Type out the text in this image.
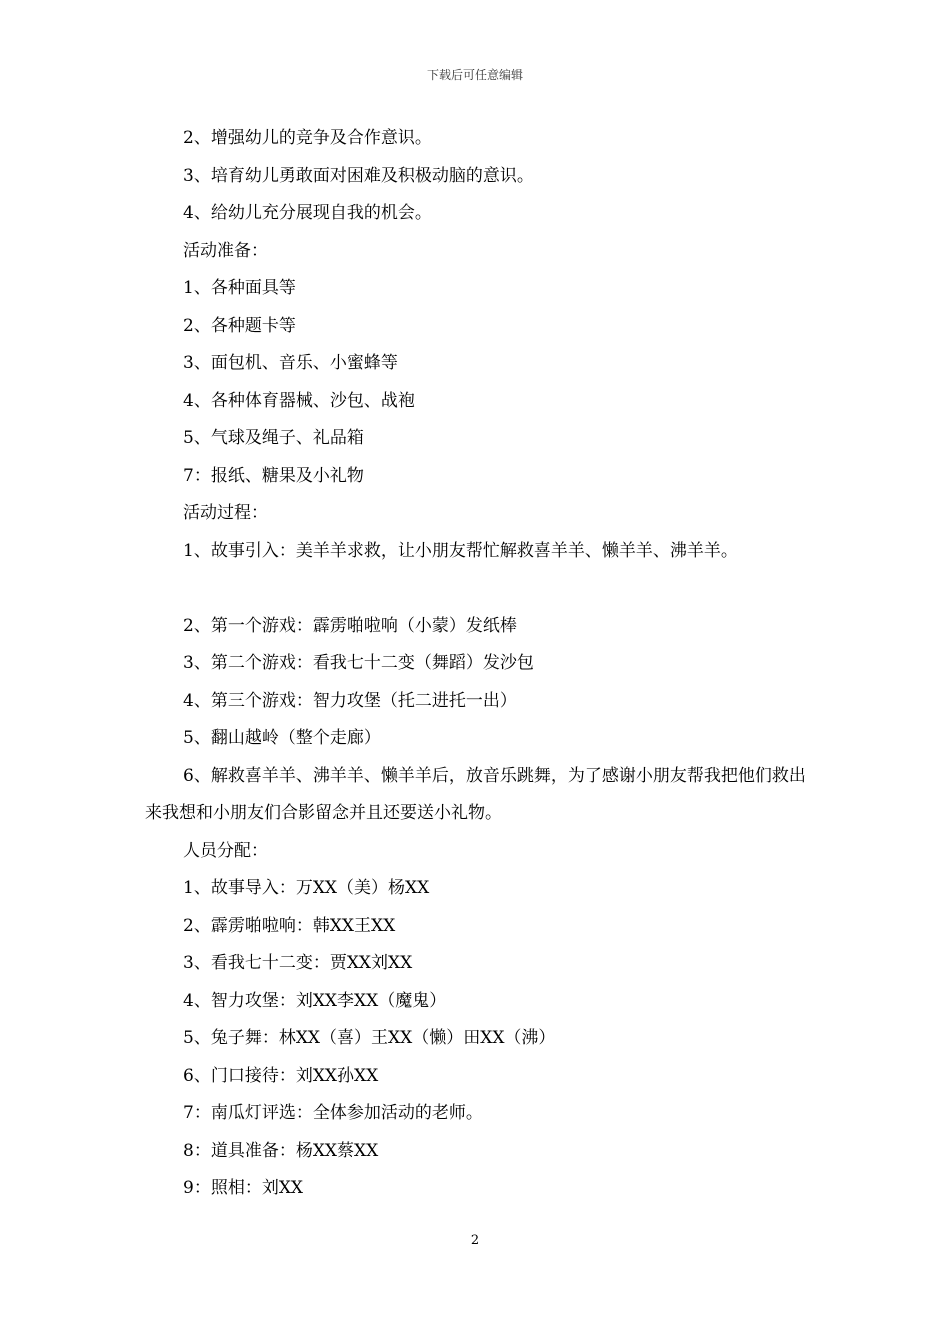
下载后可任意编辑
2、增强幼儿的竞争及合作意识。
3、培育幼儿勇敢面对困难及积极动脑的意识。
4、给幼儿充分展现自我的机会。
活动准备：
1、各种面具等
2、各种题卡等
3、面包机、音乐、小蜜蜂等
4、各种体育器械、沙包、战袍
5、气球及绳子、礼品箱
7：报纸、糖果及小礼物
活动过程：
1、故事引入：美羊羊求救，让小朋友帮忙解救喜羊羊、懒羊羊、沸羊羊。
2、第一个游戏：霹雳啪啦响（小蒙）发纸棒
3、第二个游戏：看我七十二变（舞蹈）发沙包
4、第三个游戏：智力攻堡（托二进托一出）
5、翻山越岭（整个走廊）
6、解救喜羊羊、沸羊羊、懒羊羊后，放音乐跳舞，为了感谢小朋友帮我把他们救出来我想和小朋友们合影留念并且还要送小礼物。
人员分配：
1、故事导入：万XX（美）杨XX
2、霹雳啪啦响：韩XX王XX
3、看我七十二变：贾XX刘XX
4、智力攻堡：刘XX李XX（魔鬼）
5、兔子舞：林XX（喜）王XX（懒）田XX（沸）
6、门口接待：刘XX孙XX
7：南瓜灯评选：全体参加活动的老师。
8：道具准备：杨XX蔡XX
9：照相：刘XX
2
